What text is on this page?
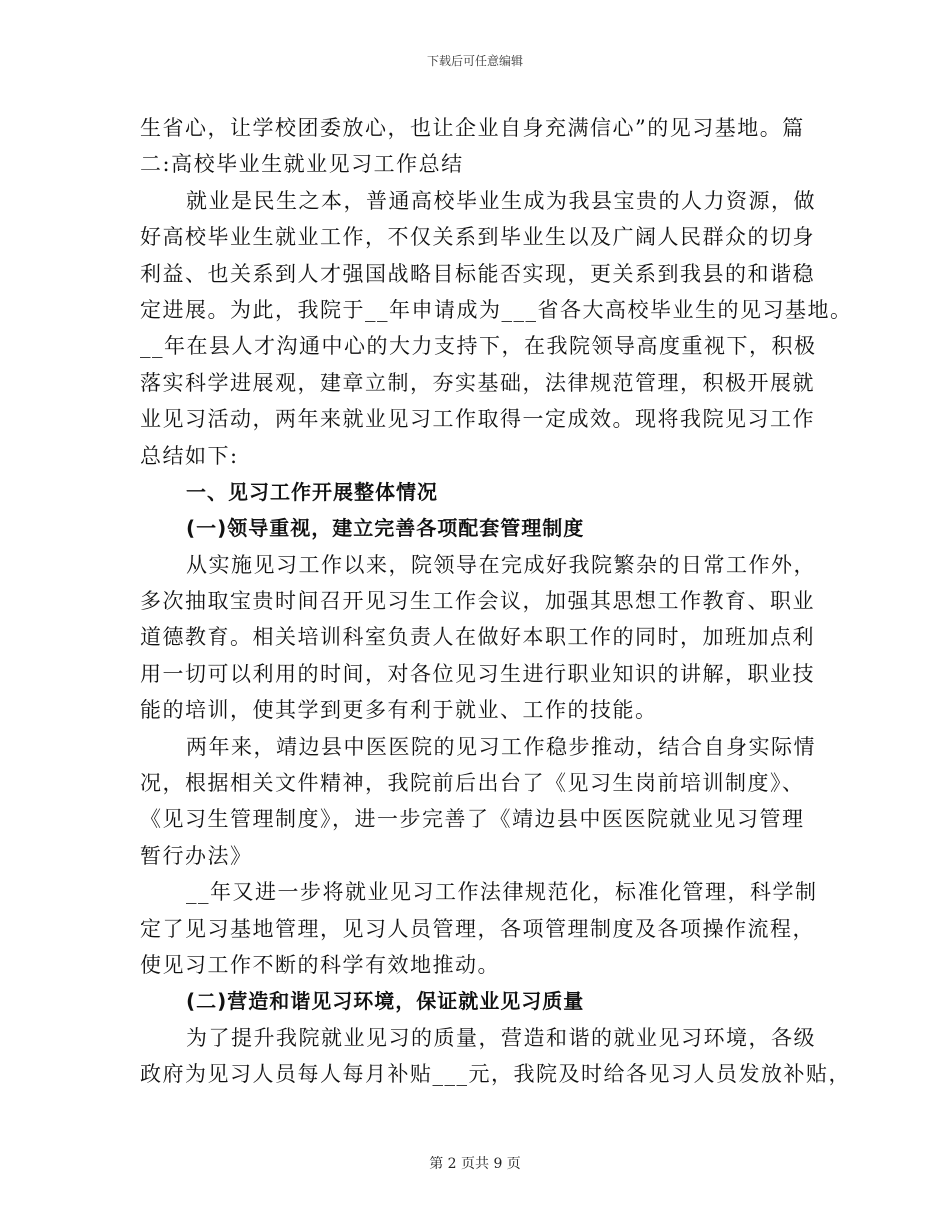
下载后可任意编辑
生省心，让学校团委放心，也让企业自身充满信心”的见习基地。篇
二:高校毕业生就业见习工作总结
就业是民生之本，普通高校毕业生成为我县宝贵的人力资源，做
好高校毕业生就业工作，不仅关系到毕业生以及广阔人民群众的切身
利益、也关系到人才强国战略目标能否实现，更关系到我县的和谐稳
定进展。为此，我院于__年申请成为___省各大高校毕业生的见习基地。
__年在县人才沟通中心的大力支持下，在我院领导高度重视下，积极
落实科学进展观，建章立制，夯实基础，法律规范管理，积极开展就
业见习活动，两年来就业见习工作取得一定成效。现将我院见习工作
总结如下:
一、见习工作开展整体情况
(一)领导重视，建立完善各项配套管理制度
从实施见习工作以来，院领导在完成好我院繁杂的日常工作外，
多次抽取宝贵时间召开见习生工作会议，加强其思想工作教育、职业
道德教育。相关培训科室负责人在做好本职工作的同时，加班加点利
用一切可以利用的时间，对各位见习生进行职业知识的讲解，职业技
能的培训，使其学到更多有利于就业、工作的技能。
两年来，靖边县中医医院的见习工作稳步推动，结合自身实际情
况，根据相关文件精神，我院前后出台了《见习生岗前培训制度》、
《见习生管理制度》，进一步完善了《靖边县中医医院就业见习管理
暂行办法》
__年又进一步将就业见习工作法律规范化，标准化管理，科学制
定了见习基地管理，见习人员管理，各项管理制度及各项操作流程，
使见习工作不断的科学有效地推动。
(二)营造和谐见习环境，保证就业见习质量
为了提升我院就业见习的质量，营造和谐的就业见习环境，各级
政府为见习人员每人每月补贴___元，我院及时给各见习人员发放补贴，
第 2 页共 9 页
